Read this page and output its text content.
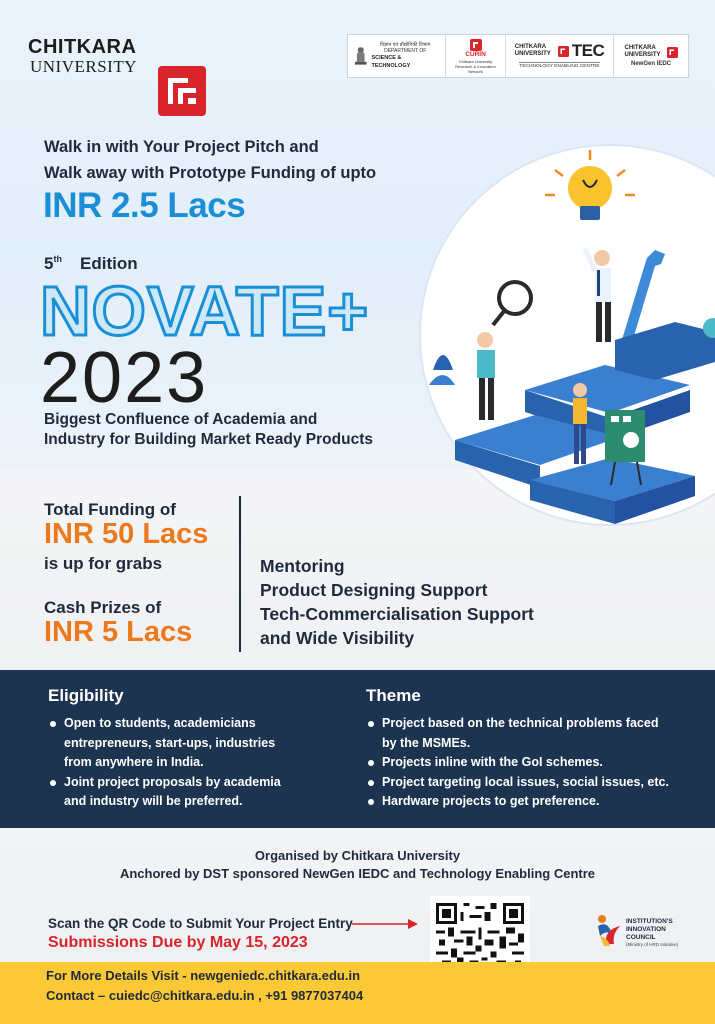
CHITKARA
UNIVERSITY
विज्ञान एवं प्रौद्योगिकी विभाग
DEPARTMENT OF
SCIENCE & TECHNOLOGY
CURIN
Chitkara University Research & Innovation Network
CHITKARA UNIVERSITY TEC
TECHNOLOGY ENABLING CENTRE
CHITKARA UNIVERSITY
NewGen IEDC
Walk in with Your Project Pitch and
Walk away with Prototype Funding of upto
INR 2.5 Lacs
5th Edition
NOVATE+
2023
Biggest Confluence of Academia and
Industry for Building Market Ready Products
Total Funding of
INR 50 Lacs
is up for grabs
Cash Prizes of
INR 5 Lacs
Mentoring
Product Designing Support
Tech-Commercialisation Support
and Wide Visibility
Eligibility
Open to students, academicians
entrepreneurs, start-ups, industries
from anywhere in India.
Joint project proposals by academia
and industry will be preferred.
Theme
Project based on the technical problems faced
by the MSMEs.
Projects inline with the GoI schemes.
Project targeting local issues, social issues, etc.
Hardware projects to get preference.
Organised by Chitkara University
Anchored by DST sponsored NewGen IEDC and Technology Enabling Centre
Scan the QR Code to Submit Your Project Entry
Submissions Due by May 15, 2023
INSTITUTION'S
INNOVATION
COUNCIL
(Ministry of HRD Initiative)
For More Details Visit - newgeniedc.chitkara.edu.in
Contact – cuiedc@chitkara.edu.in , +91 9877037404
